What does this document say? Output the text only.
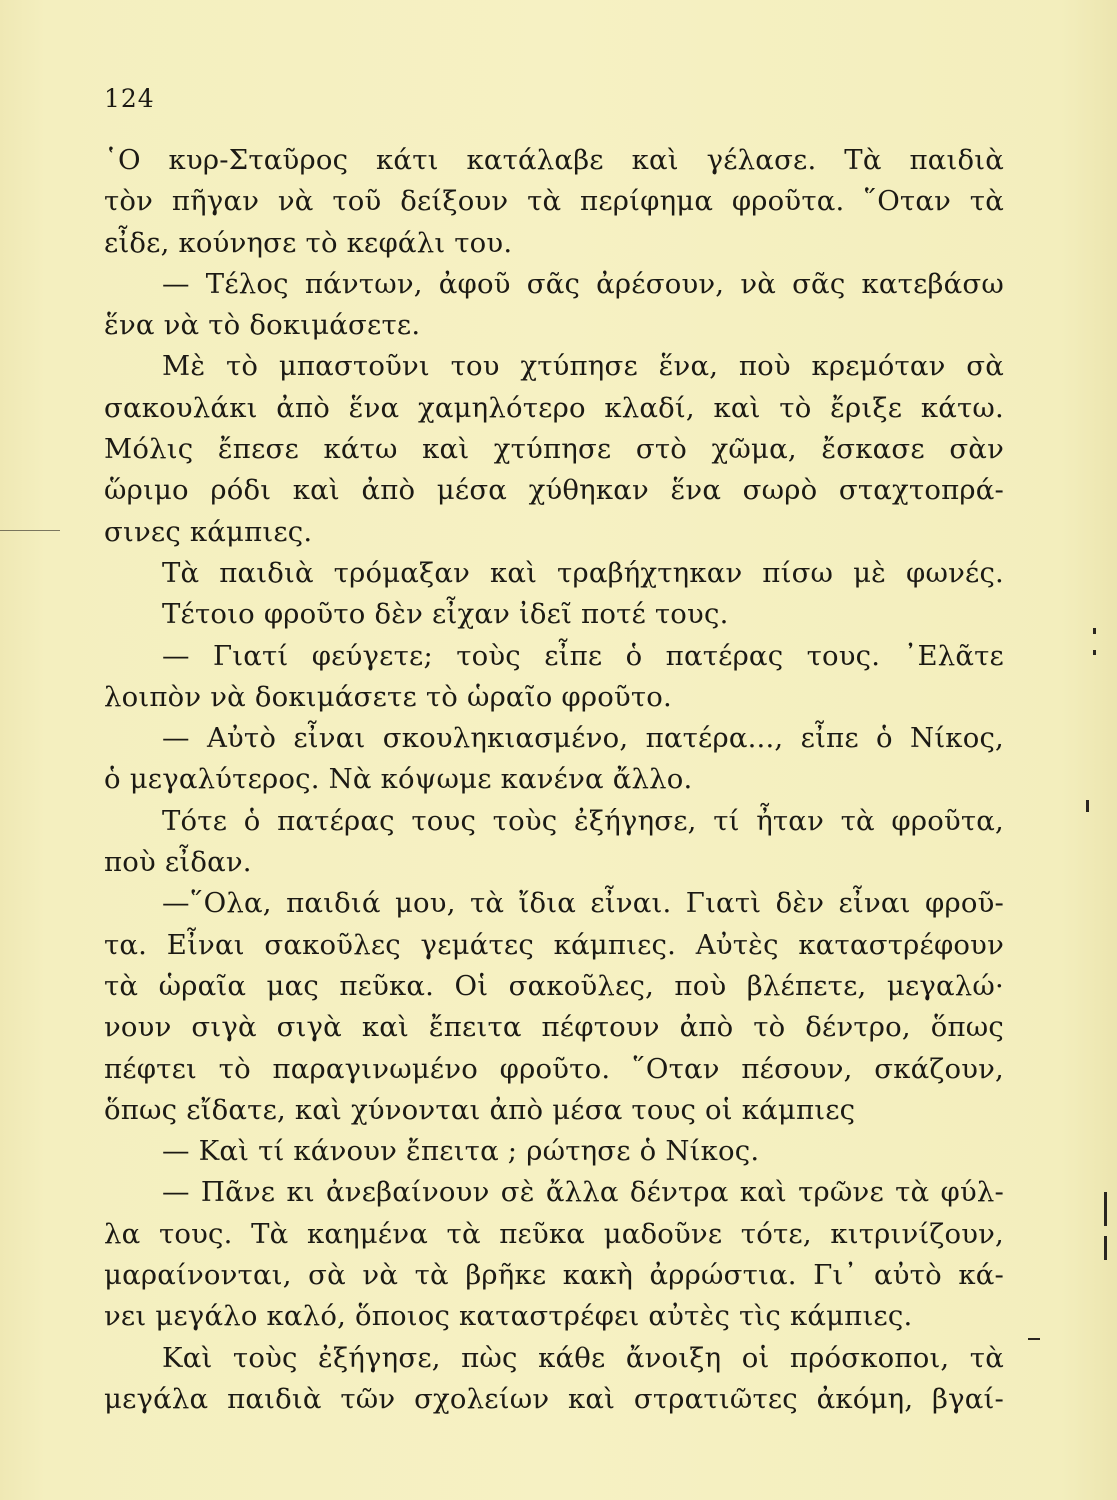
124
῾Ο κυρ-Σταῦρος κάτι κατάλαβε καὶ γέλασε. Τὰ παιδιὰ
τὸν πῆγαν νὰ τοῦ δείξουν τὰ περίφημα φροῦτα. ῞Οταν τὰ
εἶδε, κούνησε τὸ κεφάλι του.
— Τέλος πάντων, ἀφοῦ σᾶς ἀρέσουν, νὰ σᾶς κατεβάσω
ἕνα νὰ τὸ δοκιμάσετε.
Μὲ τὸ μπαστοῦνι του χτύπησε ἕνα, ποὺ κρεμόταν σὰ
σακουλάκι ἀπὸ ἕνα χαμηλότερο κλαδί, καὶ τὸ ἔριξε κάτω.
Μόλις ἔπεσε κάτω καὶ χτύπησε στὸ χῶμα, ἔσκασε σὰν
ὥριμο ρόδι καὶ ἀπὸ μέσα χύθηκαν ἕνα σωρὸ σταχτοπρά-
σινες κάμπιες.
Τὰ παιδιὰ τρόμαξαν καὶ τραβήχτηκαν πίσω μὲ φωνές.
Τέτοιο φροῦτο δὲν εἶχαν ἰδεῖ ποτέ τους.
— Γιατί φεύγετε; τοὺς εἶπε ὁ πατέρας τους. ᾿Ελᾶτε
λοιπὸν νὰ δοκιμάσετε τὸ ὡραῖο φροῦτο.
— Αὐτὸ εἶναι σκουληκιασμένο, πατέρα..., εἶπε ὁ Νίκος,
ὁ μεγαλύτερος. Νὰ κόψωμε κανένα ἄλλο.
Τότε ὁ πατέρας τους τοὺς ἐξήγησε, τί ἦταν τὰ φροῦτα,
ποὺ εἶδαν.
—῞Ολα, παιδιά μου, τὰ ἴδια εἶναι. Γιατὶ δὲν εἶναι φροῦ-
τα. Εἶναι σακοῦλες γεμάτες κάμπιες. Αὐτὲς καταστρέφουν
τὰ ὡραῖα μας πεῦκα. Οἱ σακοῦλες, ποὺ βλέπετε, μεγαλώ·
νουν σιγὰ σιγὰ καὶ ἔπειτα πέφτουν ἀπὸ τὸ δέντρο, ὅπως
πέφτει τὸ παραγινωμένο φροῦτο. ῞Οταν πέσουν, σκάζουν,
ὅπως εἴδατε, καὶ χύνονται ἀπὸ μέσα τους οἱ κάμπιες
— Καὶ τί κάνουν ἔπειτα ; ρώτησε ὁ Νίκος.
— Πᾶνε κι ἀνεβαίνουν σὲ ἄλλα δέντρα καὶ τρῶνε τὰ φύλ-
λα τους. Τὰ καημένα τὰ πεῦκα μαδοῦνε τότε, κιτρινίζουν,
μαραίνονται, σὰ νὰ τὰ βρῆκε κακὴ ἀρρώστια. Γι᾿ αὐτὸ κά-
νει μεγάλο καλό, ὅποιος καταστρέφει αὐτὲς τὶς κάμπιες.
Καὶ τοὺς ἐξήγησε, πὼς κάθε ἄνοιξη οἱ πρόσκοποι, τὰ
μεγάλα παιδιὰ τῶν σχολείων καὶ στρατιῶτες ἀκόμη, βγαί-
